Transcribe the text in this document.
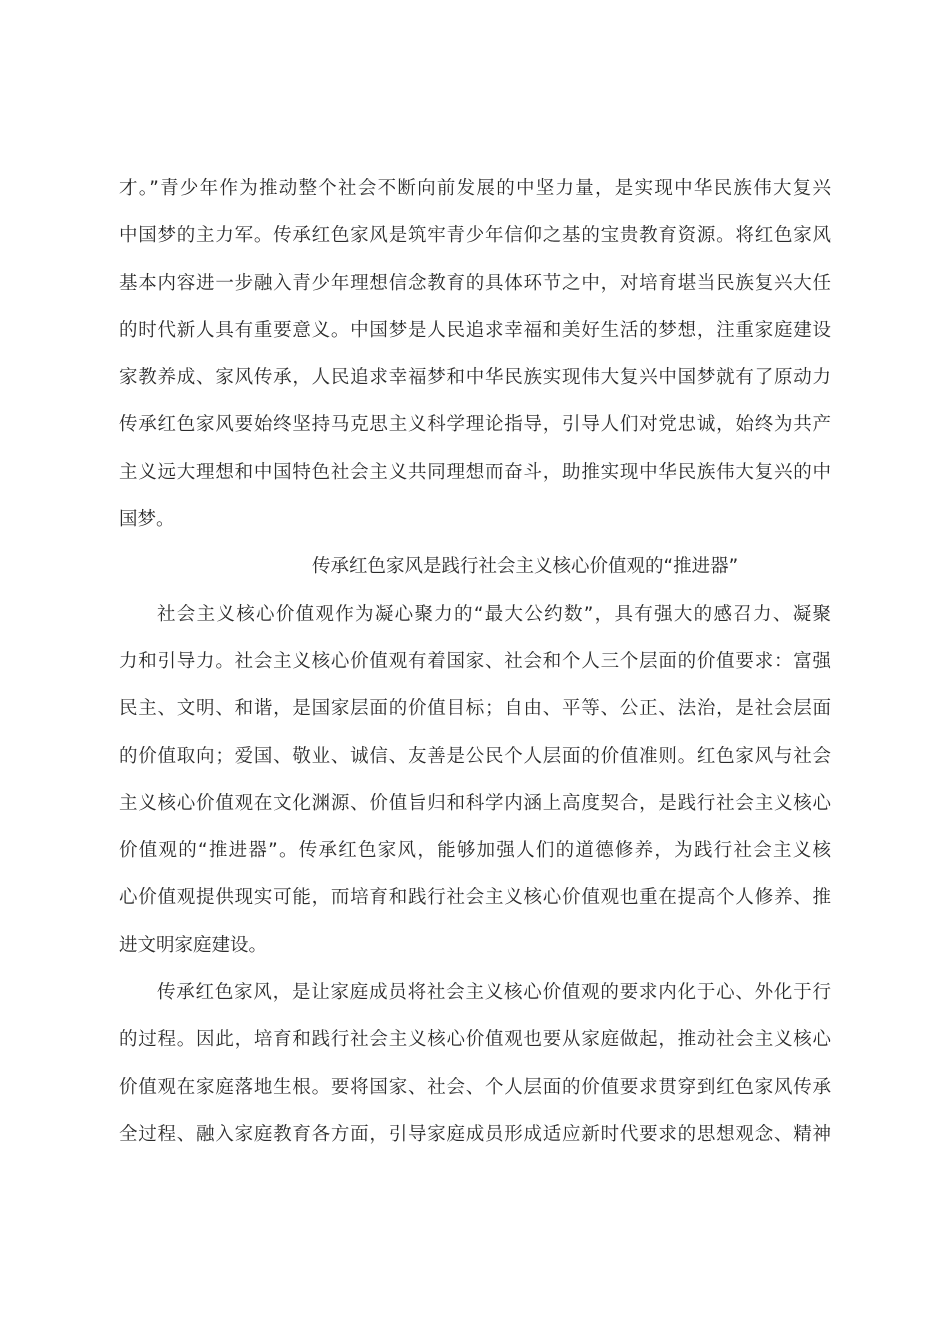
才。”青少年作为推动整个社会不断向前发展的中坚力量，是实现中华民族伟大复兴
中国梦的主力军。传承红色家风是筑牢青少年信仰之基的宝贵教育资源。将红色家风
基本内容进一步融入青少年理想信念教育的具体环节之中，对培育堪当民族复兴大任
的时代新人具有重要意义。中国梦是人民追求幸福和美好生活的梦想，注重家庭建设
家教养成、家风传承，人民追求幸福梦和中华民族实现伟大复兴中国梦就有了原动力
传承红色家风要始终坚持马克思主义科学理论指导，引导人们对党忠诚，始终为共产
主义远大理想和中国特色社会主义共同理想而奋斗，助推实现中华民族伟大复兴的中
国梦。
传承红色家风是践行社会主义核心价值观的“推进器”
社会主义核心价值观作为凝心聚力的“最大公约数”，具有强大的感召力、凝聚
力和引导力。社会主义核心价值观有着国家、社会和个人三个层面的价值要求：富强
民主、文明、和谐，是国家层面的价值目标；自由、平等、公正、法治，是社会层面
的价值取向；爱国、敬业、诚信、友善是公民个人层面的价值准则。红色家风与社会
主义核心价值观在文化渊源、价值旨归和科学内涵上高度契合，是践行社会主义核心
价值观的“推进器”。传承红色家风，能够加强人们的道德修养，为践行社会主义核
心价值观提供现实可能，而培育和践行社会主义核心价值观也重在提高个人修养、推
进文明家庭建设。
传承红色家风，是让家庭成员将社会主义核心价值观的要求内化于心、外化于行
的过程。因此，培育和践行社会主义核心价值观也要从家庭做起，推动社会主义核心
价值观在家庭落地生根。要将国家、社会、个人层面的价值要求贯穿到红色家风传承
全过程、融入家庭教育各方面，引导家庭成员形成适应新时代要求的思想观念、精神
